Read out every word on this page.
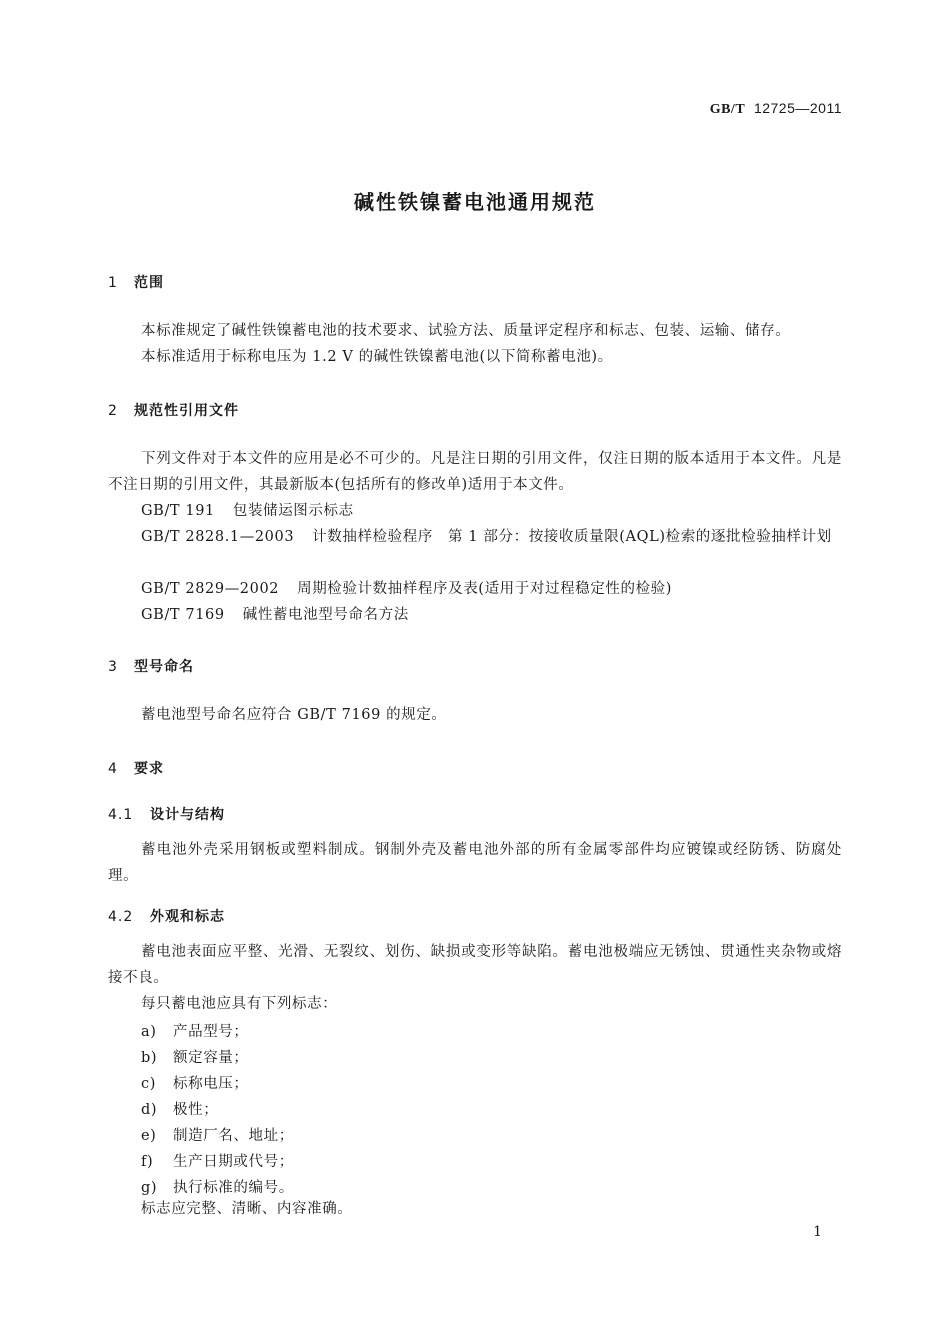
GB/T 12725—2011
碱性铁镍蓄电池通用规范
1 范围
本标准规定了碱性铁镍蓄电池的技术要求、试验方法、质量评定程序和标志、包装、运输、储存。
本标准适用于标称电压为 1.2 V 的碱性铁镍蓄电池(以下简称蓄电池)。
2 规范性引用文件
下列文件对于本文件的应用是必不可少的。凡是注日期的引用文件，仅注日期的版本适用于本文件。凡是不注日期的引用文件，其最新版本(包括所有的修改单)适用于本文件。
GB/T 191 包装储运图示标志
GB/T 2828.1—2003 计数抽样检验程序　第 1 部分：按接收质量限(AQL)检索的逐批检验抽样计划
GB/T 2829—2002 周期检验计数抽样程序及表(适用于对过程稳定性的检验)
GB/T 7169 碱性蓄电池型号命名方法
3 型号命名
蓄电池型号命名应符合 GB/T 7169 的规定。
4 要求
4.1 设计与结构
蓄电池外壳采用钢板或塑料制成。钢制外壳及蓄电池外部的所有金属零部件均应镀镍或经防锈、防腐处理。
4.2 外观和标志
蓄电池表面应平整、光滑、无裂纹、划伤、缺损或变形等缺陷。蓄电池极端应无锈蚀、贯通性夹杂物或熔接不良。
每只蓄电池应具有下列标志：
a) 产品型号；
b) 额定容量；
c) 标称电压；
d) 极性；
e) 制造厂名、地址；
f) 生产日期或代号；
g) 执行标准的编号。
标志应完整、清晰、内容准确。
1
